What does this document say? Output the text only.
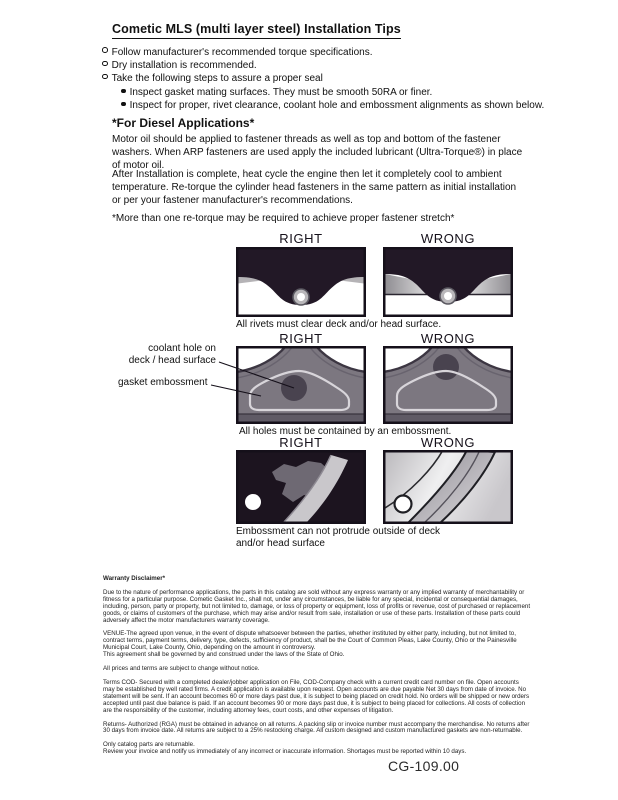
Cometic MLS (multi layer steel) Installation Tips
Follow manufacturer's recommended torque specifications.
Dry installation is recommended.
Take the following steps to assure a proper seal
Inspect gasket mating surfaces. They must be smooth 50RA or finer.
Inspect for proper, rivet clearance, coolant hole and embossment alignments as shown below.
*For Diesel Applications*
Motor oil should be applied to fastener threads as well as top and bottom of the fastener washers. When ARP fasteners are used apply the included lubricant (Ultra-Torque®) in place of motor oil.
After Installation is complete, heat cycle the engine then let it completely cool to ambient temperature. Re-torque the cylinder head fasteners in the same pattern as initial installation or per your fastener manufacturer's recommendations.
*More than one re-torque may be required to achieve proper fastener stretch*
RIGHT	WRONG
All rivets must clear deck and/or head surface.
RIGHT	WRONG
coolant hole on
deck / head surface
gasket embossment
All holes must be contained by an embossment.
RIGHT	WRONG
Embossment can not protrude outside of deck
and/or head surface
Warranty Disclaimer*

Due to the nature of performance applications, the parts in this catalog are sold without any express warranty or any implied warranty of merchantability or fitness for a particular purpose. Cometic Gasket Inc., shall not, under any circumstances, be liable for any special, incidental or consequential damages, including, person, party or property, but not limited to, damage, or loss of property or equipment, loss of profits or revenue, cost of purchased or replacement goods, or claims of customers of the purchase, which may arise and/or result from sale, installation or use of these parts. Installation of these parts could adversely affect the motor manufacturers warranty coverage.

VENUE-The agreed upon venue, in the event of dispute whatsoever between the parties, whether instituted by either party, including, but not limited to, contract terms, payment terms, delivery, type, defects, sufficiency of product, shall be the Court of Common Pleas, Lake County, Ohio or the Painesville Municipal Court, Lake County, Ohio, depending on the amount in controversy.
This agreement shall be governed by and construed under the laws of the State of Ohio.

All prices and terms are subject to change without notice.

Terms COD- Secured with a completed dealer/jobber application on File, COD-Company check with a current credit card number on file. Open accounts may be established by well rated firms. A credit application is available upon request. Open accounts are due payable Net 30 days from date of invoice. No statement will be sent. If an account becomes 60 or more days past due, it is subject to being placed on credit hold. No orders will be shipped or new orders accepted until past due balance is paid. If an account becomes 90 or more days past due, it is subject to being placed for collections. All costs of collection are the responsibility of the customer, including attorney fees, court costs, and other expenses of litigation.

Returns- Authorized (RGA) must be obtained in advance on all returns. A packing slip or invoice number must accompany the merchandise. No returns after 30 days from invoice date. All returns are subject to a 25% restocking charge. All custom designed and custom manufactured gaskets are non-returnable.

Only catalog parts are returnable.
Review your invoice and notify us immediately of any incorrect or inaccurate information. Shortages must be reported within 10 days.

CG-109.00
